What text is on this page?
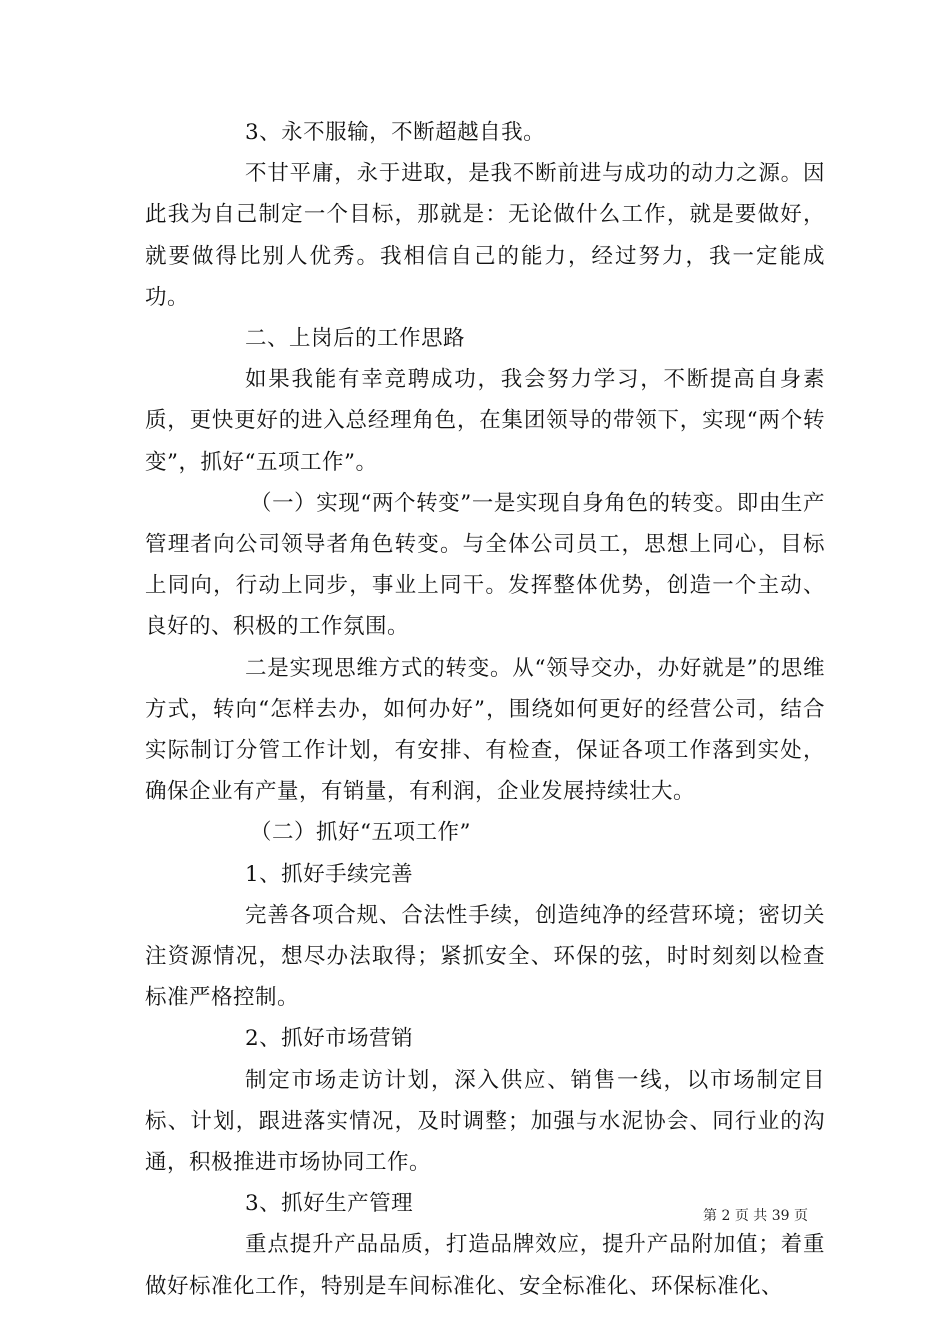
3、永不服输，不断超越自我。

不甘平庸，永于进取，是我不断前进与成功的动力之源。因此我为自己制定一个目标，那就是：无论做什么工作，就是要做好，就要做得比别人优秀。我相信自己的能力，经过努力，我一定能成功。

二、上岗后的工作思路

如果我能有幸竞聘成功，我会努力学习，不断提高自身素质，更快更好的进入总经理角色，在集团领导的带领下，实现“两个转变”，抓好“五项工作”。

（一）实现“两个转变”一是实现自身角色的转变。即由生产管理者向公司领导者角色转变。与全体公司员工，思想上同心，目标上同向，行动上同步，事业上同干。发挥整体优势，创造一个主动、良好的、积极的工作氛围。

二是实现思维方式的转变。从“领导交办，办好就是”的思维方式，转向“怎样去办，如何办好”，围绕如何更好的经营公司，结合实际制订分管工作计划，有安排、有检查，保证各项工作落到实处，确保企业有产量，有销量，有利润，企业发展持续壮大。

（二）抓好“五项工作”

1、抓好手续完善

完善各项合规、合法性手续，创造纯净的经营环境；密切关注资源情况，想尽办法取得；紧抓安全、环保的弦，时时刻刻以检查标准严格控制。

2、抓好市场营销

制定市场走访计划，深入供应、销售一线，以市场制定目标、计划，跟进落实情况，及时调整；加强与水泥协会、同行业的沟通，积极推进市场协同工作。

3、抓好生产管理

重点提升产品品质，打造品牌效应，提升产品附加值；着重做好标准化工作，特别是车间标准化、安全标准化、环保标准化、

第 2 页 共 39 页
